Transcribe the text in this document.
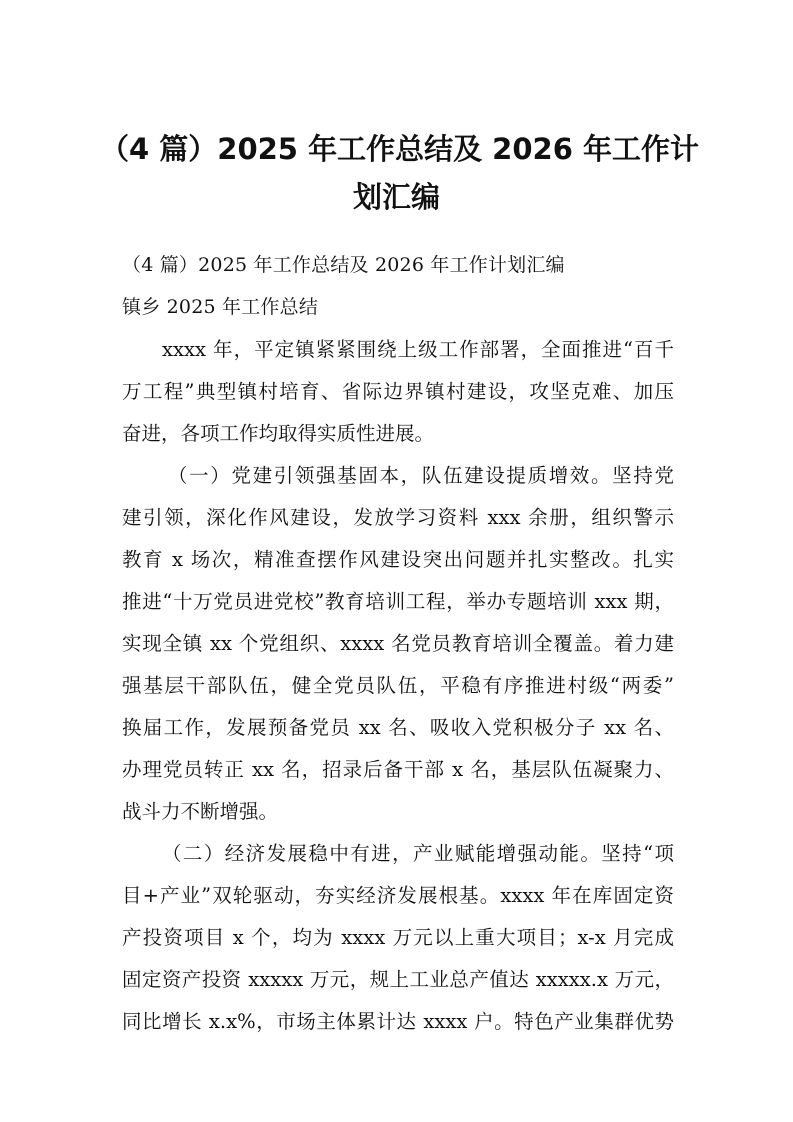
（4 篇）2025 年工作总结及 2026 年工作计
划汇编
（4 篇）2025 年工作总结及 2026 年工作计划汇编
镇乡 2025 年工作总结
xxxx 年，平定镇紧紧围绕上级工作部署，全面推进“百千
万工程”典型镇村培育、省际边界镇村建设，攻坚克难、加压
奋进，各项工作均取得实质性进展。
（一）党建引领强基固本，队伍建设提质增效。坚持党
建引领，深化作风建设，发放学习资料 xxx 余册，组织警示
教育 x 场次，精准查摆作风建设突出问题并扎实整改。扎实
推进“十万党员进党校”教育培训工程，举办专题培训 xxx 期，
实现全镇 xx 个党组织、xxxx 名党员教育培训全覆盖。着力建
强基层干部队伍，健全党员队伍，平稳有序推进村级“两委”
换届工作，发展预备党员 xx 名、吸收入党积极分子 xx 名、
办理党员转正 xx 名，招录后备干部 x 名，基层队伍凝聚力、
战斗力不断增强。
（二）经济发展稳中有进，产业赋能增强动能。坚持“项
目+产业”双轮驱动，夯实经济发展根基。xxxx 年在库固定资
产投资项目 x 个，均为 xxxx 万元以上重大项目；x-x 月完成
固定资产投资 xxxxx 万元，规上工业总产值达 xxxxx.x 万元，
同比增长 x.x%，市场主体累计达 xxxx 户。特色产业集群优势
